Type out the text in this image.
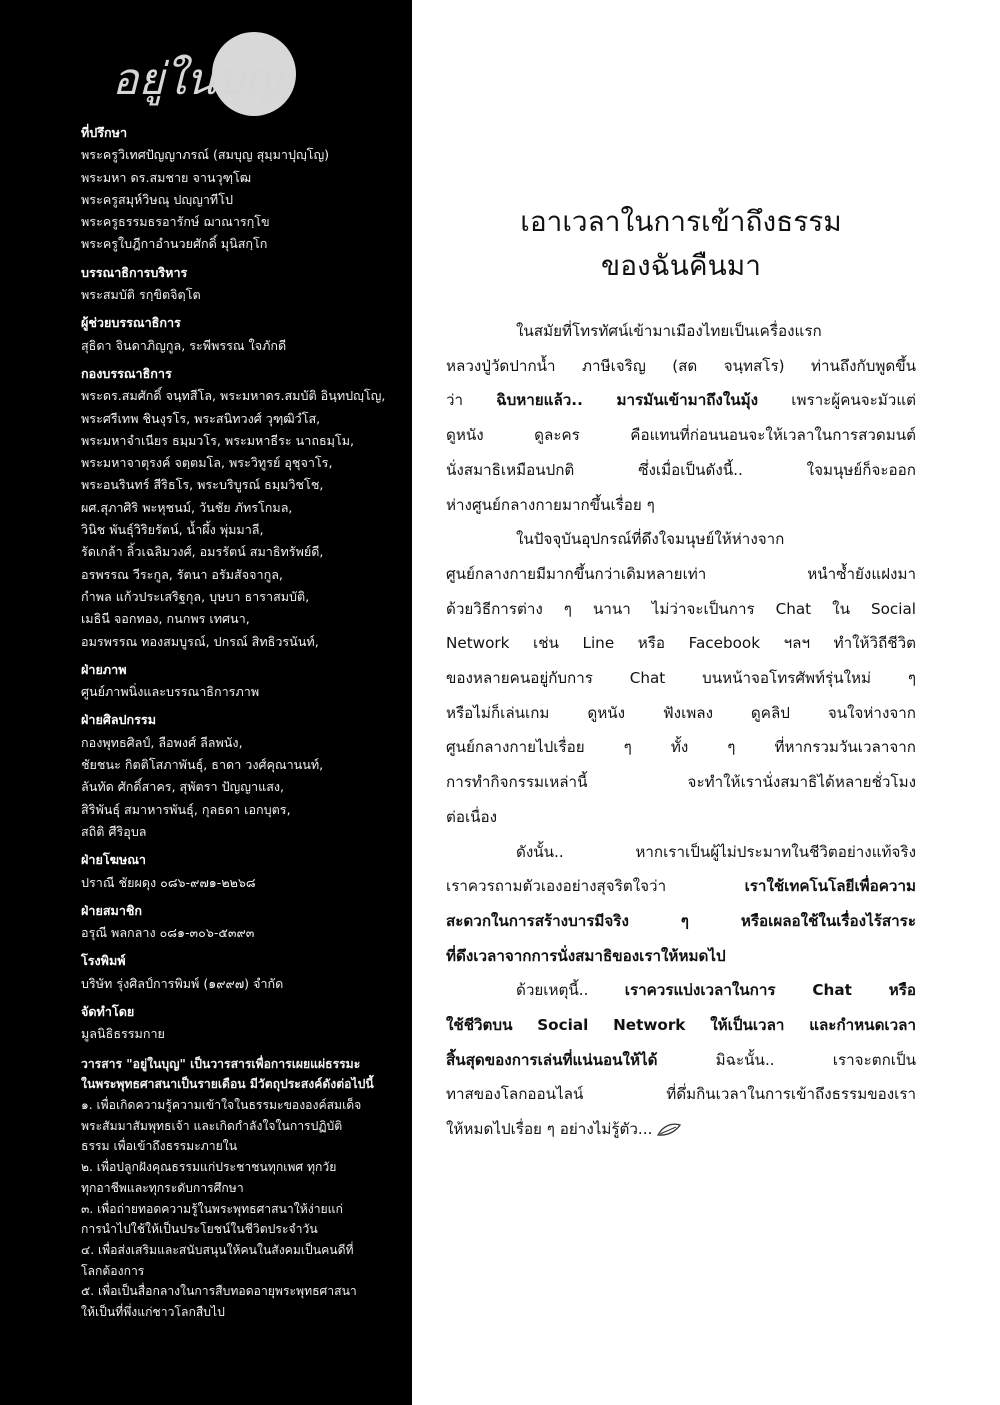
อยู่ในบุญ
ที่ปรึกษา
พระครูวิเทศปัญญาภรณ์ (สมบุญ สุมฺมาปุญฺโญ)
พระมหา ดร.สมชาย จานวุฑฺโฒ
พระครูสมุห์วิษณุ ปญฺญาทีโป
พระครูธรรมธรอารักษ์ ฌาณารกฺโข
พระครูใบฎีกาอำนวยศักดิ์ มุนิสกฺโก
บรรณาธิการบริหาร
พระสมบัติ รกฺขิตจิตฺโต
ผู้ช่วยบรรณาธิการ
สุธิดา จินดาภิญกูล, ระพีพรรณ ใจภักดี
กองบรรณาธิการ
พระดร.สมศักดิ์ จนฺทสีโล, พระมหาดร.สมบัติ อินฺทปญฺโญ,
พระศรีเทพ ชินงุรโร, พระสนิทวงศ์ วุฑฺฒิวํโส,
พระมหาจำเนียร ธมฺมวโร, พระมหาธีระ นาถธมฺโม,
พระมหาจาตุรงค์ จตฺตมโล, พระวิทูรย์ อุชุจาโร,
พระอนรินทร์ สีริธโร, พระบริบูรณ์ ธมฺมวิชโช,
ผศ.สุภาศิริ พะหุชนม์, วันชัย ภัทรโกมล,
วินิช พันธุ์วิริยรัตน์, น้ำผึ้ง พุ่มมาลี,
รัดเกล้า ลิ้วเฉลิมวงศ์, อมรรัตน์ สมาธิทรัพย์ดี,
อรพรรณ วีระกูล, รัตนา อรัมสัจจากูล,
กำพล แก้วประเสริฐกุล, บุษบา ธาราสมบัติ,
เมธินี จอกทอง, กนกพร เทศนา,
อมรพรรณ ทองสมบูรณ์, ปกรณ์ สิทธิวรนันท์,
ฝ่ายภาพ
ศูนย์ภาพนิ่งและบรรณาธิการภาพ
ฝ่ายศิลปกรรม
กองพุทธศิลป์, ลือพงศ์ ลีลพนัง,
ชัยชนะ กิตติโสภาพันธุ์, ธาดา วงศ์คุณานนท์,
ลันทัด ศักดิ์สาคร, สุพัตรา ปัญญาแสง,
สิริพันธุ์ สมาหารพันธุ์, กุลธดา เอกบุตร,
สถิติ ศีริอุบล
ฝ่ายโฆษณา
ปราณี ชัยผดุง ๐๘๖-๙๗๑-๒๒๖๘
ฝ่ายสมาชิก
อรุณี พลกลาง ๐๘๑-๓๐๖-๕๓๙๓
โรงพิมพ์
บริษัท รุ่งศิลป์การพิมพ์ (๑๙๙๗) จำกัด
จัดทำโดย
มูลนิธิธรรมกาย
วารสาร "อยู่ในบุญ" เป็นวารสารเพื่อการเผยแผ่ธรรมะ
ในพระพุทธศาสนาเป็นรายเดือน มีวัตถุประสงค์ดังต่อไปนี้
๑. เพื่อเกิดความรู้ความเข้าใจในธรรมะขององค์สมเด็จ
พระสัมมาสัมพุทธเจ้า และเกิดกำลังใจในการปฏิบัติ
ธรรม เพื่อเข้าถึงธรรมะภายใน
๒. เพื่อปลูกฝังคุณธรรมแก่ประชาชนทุกเพศ ทุกวัย
ทุกอาชีพและทุกระดับการศึกษา
๓. เพื่อถ่ายทอดความรู้ในพระพุทธศาสนาให้ง่ายแก่
การนำไปใช้ให้เป็นประโยชน์ในชีวิตประจำวัน
๔. เพื่อส่งเสริมและสนับสนุนให้คนในสังคมเป็นคนดีที่
โลกต้องการ
๕. เพื่อเป็นสื่อกลางในการสืบทอดอายุพระพุทธศาสนา
ให้เป็นที่พึ่งแก่ชาวโลกสืบไป
เอาเวลาในการเข้าถึงธรรม
ของฉันคืนมา
ในสมัยที่โทรทัศน์เข้ามาเมืองไทยเป็นเครื่องแรก
หลวงปู่วัดปากน้ำ ภาษีเจริญ (สด จนฺทสโร) ท่านถึงกับพูดขึ้น
ว่า ฉิบหายแล้ว.. มารมันเข้ามาถึงในมุ้ง เพราะผู้คนจะมัวแต่
ดูหนัง ดูละคร คือแทนที่ก่อนนอนจะให้เวลาในการสวดมนต์
นั่งสมาธิเหมือนปกติ ซึ่งเมื่อเป็นดังนี้.. ใจมนุษย์ก็จะออก
ห่างศูนย์กลางกายมากขึ้นเรื่อย ๆ
ในปัจจุบันอุปกรณ์ที่ดึงใจมนุษย์ให้ห่างจาก
ศูนย์กลางกายมีมากขึ้นกว่าเดิมหลายเท่า หนำซ้ำยังแฝงมา
ด้วยวิธีการต่าง ๆ นานา ไม่ว่าจะเป็นการ Chat ใน Social
Network เช่น Line หรือ Facebook ฯลฯ ทำให้วิถีชีวิต
ของหลายคนอยู่กับการ Chat บนหน้าจอโทรศัพท์รุ่นใหม่ ๆ
หรือไม่ก็เล่นเกม ดูหนัง ฟังเพลง ดูคลิป จนใจห่างจาก
ศูนย์กลางกายไปเรื่อย ๆ ทั้ง ๆ ที่หากรวมวันเวลาจาก
การทำกิจกรรมเหล่านี้ จะทำให้เรานั่งสมาธิได้หลายชั่วโมง
ต่อเนื่อง
ดังนั้น.. หากเราเป็นผู้ไม่ประมาทในชีวิตอย่างแท้จริง
เราควรถามตัวเองอย่างสุจริตใจว่า เราใช้เทคโนโลยีเพื่อความ
สะดวกในการสร้างบารมีจริง ๆ หรือเผลอใช้ในเรื่องไร้สาระ
ที่ดึงเวลาจากการนั่งสมาธิของเราให้หมดไป
ด้วยเหตุนี้.. เราควรแบ่งเวลาในการ Chat หรือ
ใช้ชีวิตบน Social Network ให้เป็นเวลา และกำหนดเวลา
สิ้นสุดของการเล่นที่แน่นอนให้ได้ มิฉะนั้น.. เราจะตกเป็น
ทาสของโลกออนไลน์ ที่ดึ่มกินเวลาในการเข้าถึงธรรมของเรา
ให้หมดไปเรื่อย ๆ อย่างไม่รู้ตัว...
